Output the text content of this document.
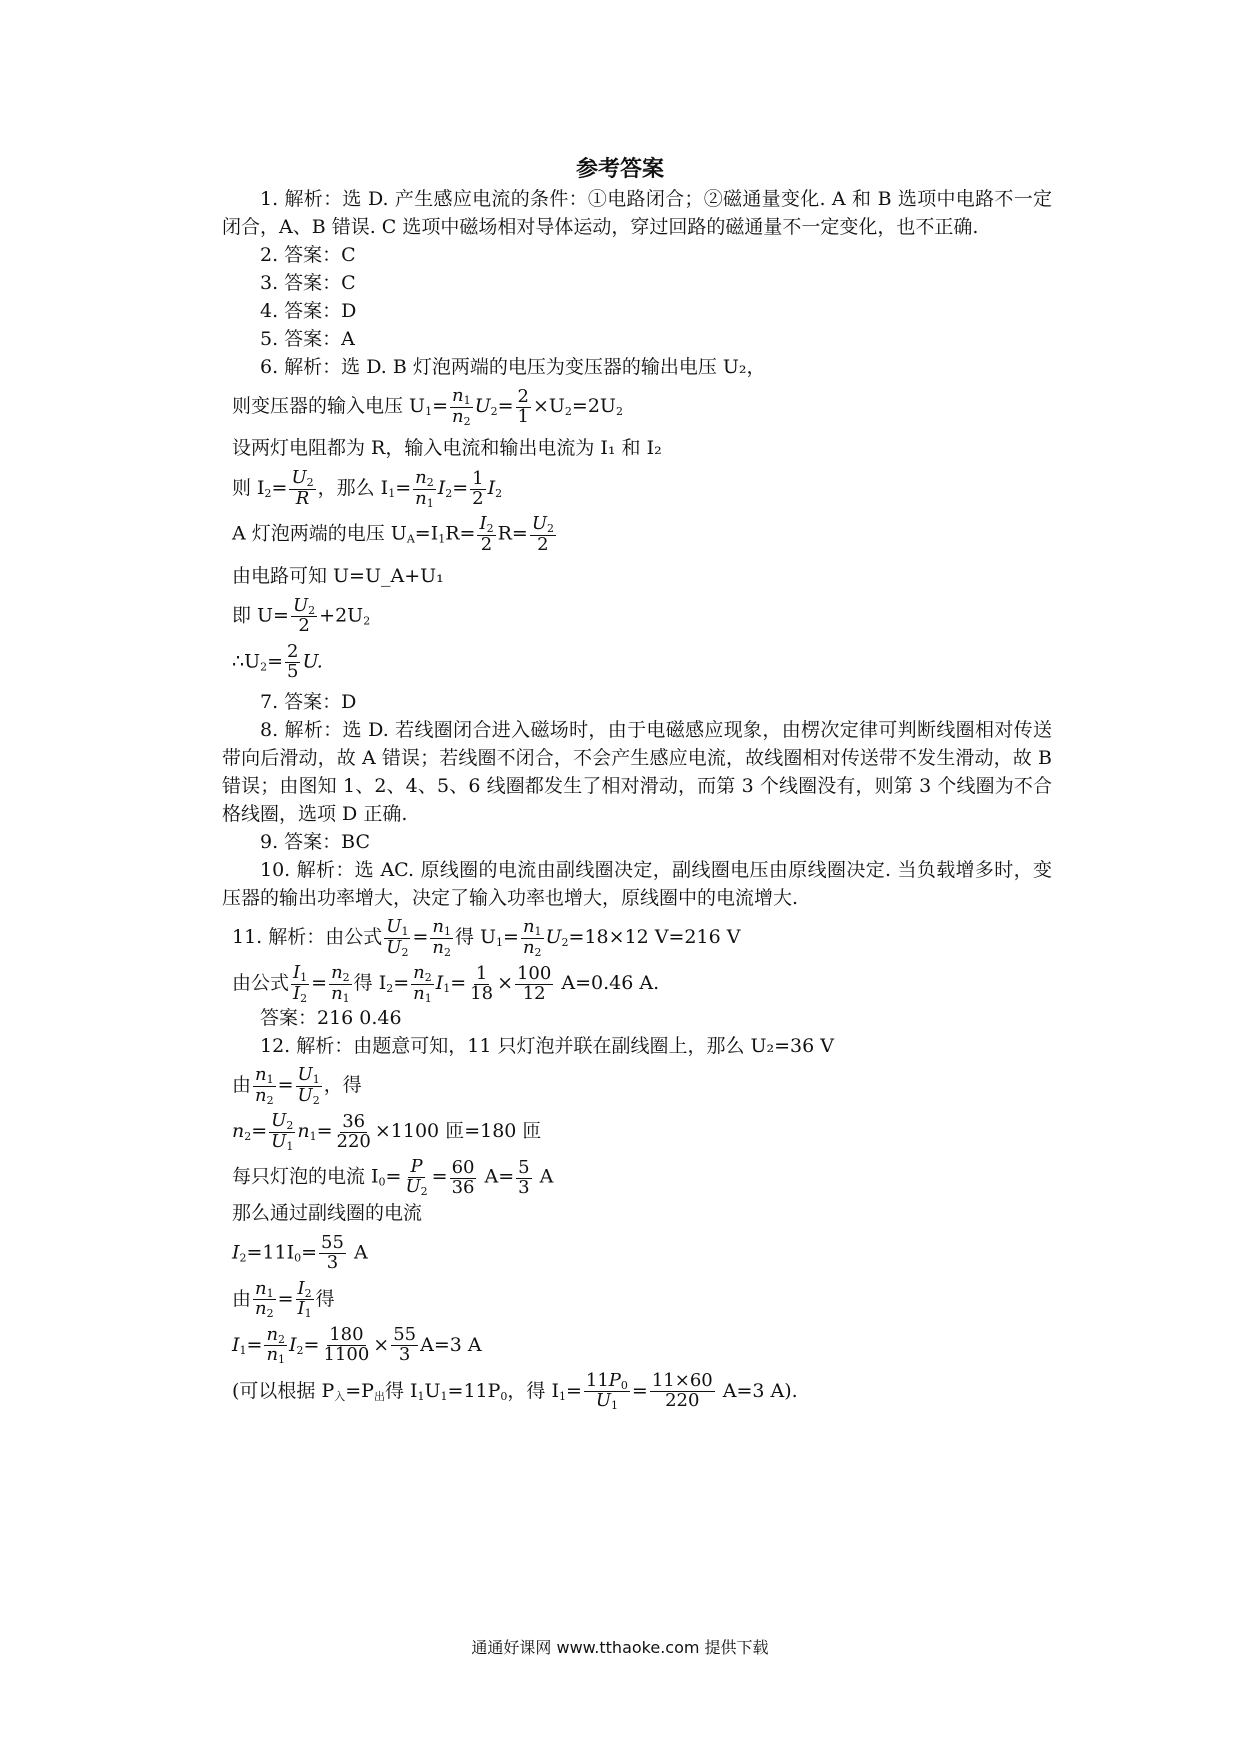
参考答案

1. 解析：选 D. 产生感应电流的条件：①电路闭合；②磁通量变化. A 和 B 选项中电路不一定闭合，A、B 错误. C 选项中磁场相对导体运动，穿过回路的磁通量不一定变化，也不正确.

2. 答案：C

3. 答案：C

4. 答案：D

5. 答案：A

6. 解析：选 D. B 灯泡两端的电压为变压器的输出电压 U₂，

则变压器的输入电压 $U_1= \frac{n_1}{n_2} U_2= \frac{2}{1} \times U_2=2U_2$

设两灯电阻都为 R，输入电流和输出电流为 I₁ 和 I₂

则 $I_2= \frac{U_2}{R}$ ，那么 $I_1= \frac{n_2}{n_1} I_2= \frac{1}{2} I_2$

A 灯泡两端的电压 $U_A=I_1R= \frac{I_2}{2} R= \frac{U_2}{2}$

由电路可知 U=U_A+U₁

即 $U= \frac{U_2}{2} +2U_2$

$\therefore U_2= \frac{2}{5} U$.

7. 答案：D

8. 解析：选 D. 若线圈闭合进入磁场时，由于电磁感应现象，由楞次定律可判断线圈相对传送带向后滑动，故 A 错误；若线圈不闭合，不会产生感应电流，故线圈相对传送带不发生滑动，故 B 错误；由图知 1、2、4、5、6 线圈都发生了相对滑动，而第 3 个线圈没有，则第 3 个线圈为不合格线圈，选项 D 正确.

9. 答案：BC

10. 解析：选 AC. 原线圈的电流由副线圈决定，副线圈电压由原线圈决定. 当负载增多时，变压器的输出功率增大，决定了输入功率也增大，原线圈中的电流增大.

11. 解析：由公式 $\frac{U_1}{U_2} = \frac{n_1}{n_2}$ 得 $U_1= \frac{n_1}{n_2} U_2=18\times 12$ V=216 V

由公式 $\frac{I_1}{I_2} = \frac{n_2}{n_1}$ 得 $I_2= \frac{n_2}{n_1} I_1= \frac{1}{18} \times \frac{100}{12} A=0.46$ A.

答案：216 0.46

12. 解析：由题意可知，11 只灯泡并联在副线圈上，那么 U₂=36 V

由 $\frac{n_1}{n_2} = \frac{U_1}{U_2}$ ，得

$n_2= \frac{U_2}{U_1} n_1= \frac{36}{220} \times 1100$ 匝=180 匝

每只灯泡的电流 $I_0= \frac{P}{U_2} = \frac{60}{36} A= \frac{5}{3}$ A

那么通过副线圈的电流

$I_2=11I_0= \frac{55}{3}$ A

由 $\frac{n_1}{n_2} = \frac{I_2}{I_1}$ 得

$I_1= \frac{n_2}{n_1} I_2= \frac{180}{1100} \times \frac{55}{3} A=3$ A

(可以根据 $P_入=P_出$得 $I_1U_1=11P_0$，得 $I_1= \frac{11P_0}{U_1} = \frac{11\times 60}{220} A=3$ A).

通通好课网 www.tthaoke.com 提供下载
